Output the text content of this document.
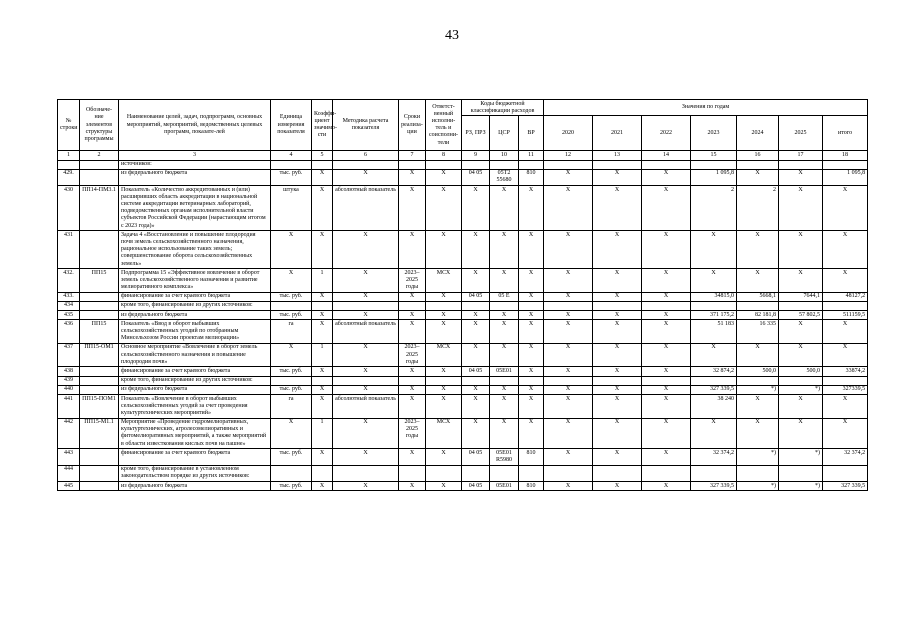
43
№ строки	Обозначе-ние элементов структуры программы	Наименование целей, задач, подпрограмм, основных мероприятий, мероприятий, ведомственных целевых программ, показате-лей	Единица измерения показателя	Коэффи-циент значимо-сти	Методика расчета показателя	Сроки реализа-ции	Ответст-венный исполни-тель и соисполни-тели	Коды бюджетной классификации расходов			Значения по годам						
								РЗ, ПРЗ	ЦСР	ВР	2020	2021	2022	2023	2024	2025	итого
1	2	3	4	5	6	7	8	9	10	11	12	13	14	15	16	17	18
		источников:															
429.		из федерального бюджета	тыс. руб.	X	X	X	X	04 05	05Т2 55680	810	X	X	X	1 095,8	X	X	1 095,8
430	ПП14-ПМ3.1	Показатель «Количество аккредитованных и (или) расширивших область аккредитации в национальной системе аккредитации ветеринарных лабораторий, подведомственных органам исполнительной власти субъектов Российской Федерации (нарастающим итогом с 2023 года)»	штука	X	абсолютный показатель	X	X	X	X	X	X	X	X	2	2	X	X
431		Задача 4 «Восстановление и повышение плодородия почв земель сельскохозяйственного назначения, рациональное использование таких земель; совершенствование оборота сельскохозяйственных земель»	X	X	X	X	X	X	X	X	X	X	X	X	X	X	X
432.	ПП15	Подпрограмма 15 «Эффективное вовлечение в оборот земель сельскохозяйственного назначения и развитие мелиоративного комплекса»	X	1	X	2023–2025 годы	МСХ	X	X	X	X	X	X	X	X	X	X
433.		финансирование за счет краевого бюджета	тыс. руб.	X	X	X	X	04 05	05 Е	X	X	X	X	34815,0	5668,1	7644,1	48127,2
434		кроме того, финансирование из других источников:															
435		из федерального бюджета	тыс. руб.	X	X	X	X	X	X	X	X	X	X	371 175,2	82 181,8	57 802,5	511159,5
436	ПП15	Показатель «Ввод в оборот выбывших сельскохозяйственных угодий по отобранным Минсельхозом России проектам мелиорации»	га	X	абсолютный показатель	X	X	X	X	X	X	X	X	51 183	16 335	X	X
437	ПП15-ОМ1	Основное мероприятие «Вовлечение в оборот земель сельскохозяйственного назначения и повышение плодородия почв»	X	1	X	2023–2025 годы	МСХ	X	X	X	X	X	X	X	X	X	X
438		финансирование за счет краевого бюджета	тыс. руб.	X	X	X	X	04 05	05Е01	X	X	X	X	32 874,2	500,0	500,0	33874,2
439		кроме того, финансирование из других источников:															
440		из федерального бюджета	тыс. руб.	X	X	X	X	X	X	X	X	X	X	327 339,5	*)	*)	327339,5
441	ПП15-ПОМ1	Показатель «Вовлечение в оборот выбывших сельскохозяйственных угодий за счет проведения культуртехнических мероприятий»	га	X	абсолютный показатель	X	X	X	X	X	X	X	X	38 240	X	X	X
442	ПП15-М1.1	Мероприятие «Проведение гидромелиоративных, культуртехнических, агролесомелиоративных и фитомелиоративных мероприятий, а также мероприятий в области известкования кислых почв на пашне»	X	1	X	2023–2025 годы	МСХ	X	X	X	X	X	X	X	X	X	X
443		финансирование за счет краевого бюджета	тыс. руб.	X	X	X	X	04 05	05Е01 R5980	810	X	X	X	32 374,2	*)	*)	32 374,2
444		кроме того, финансирование в установленном законодательством порядке из других источников:															
445		из федерального бюджета	тыс. руб.	X	X	X	X	04 05	05Е01	810	X	X	X	327 339,5	*)	*)	327 339,5
